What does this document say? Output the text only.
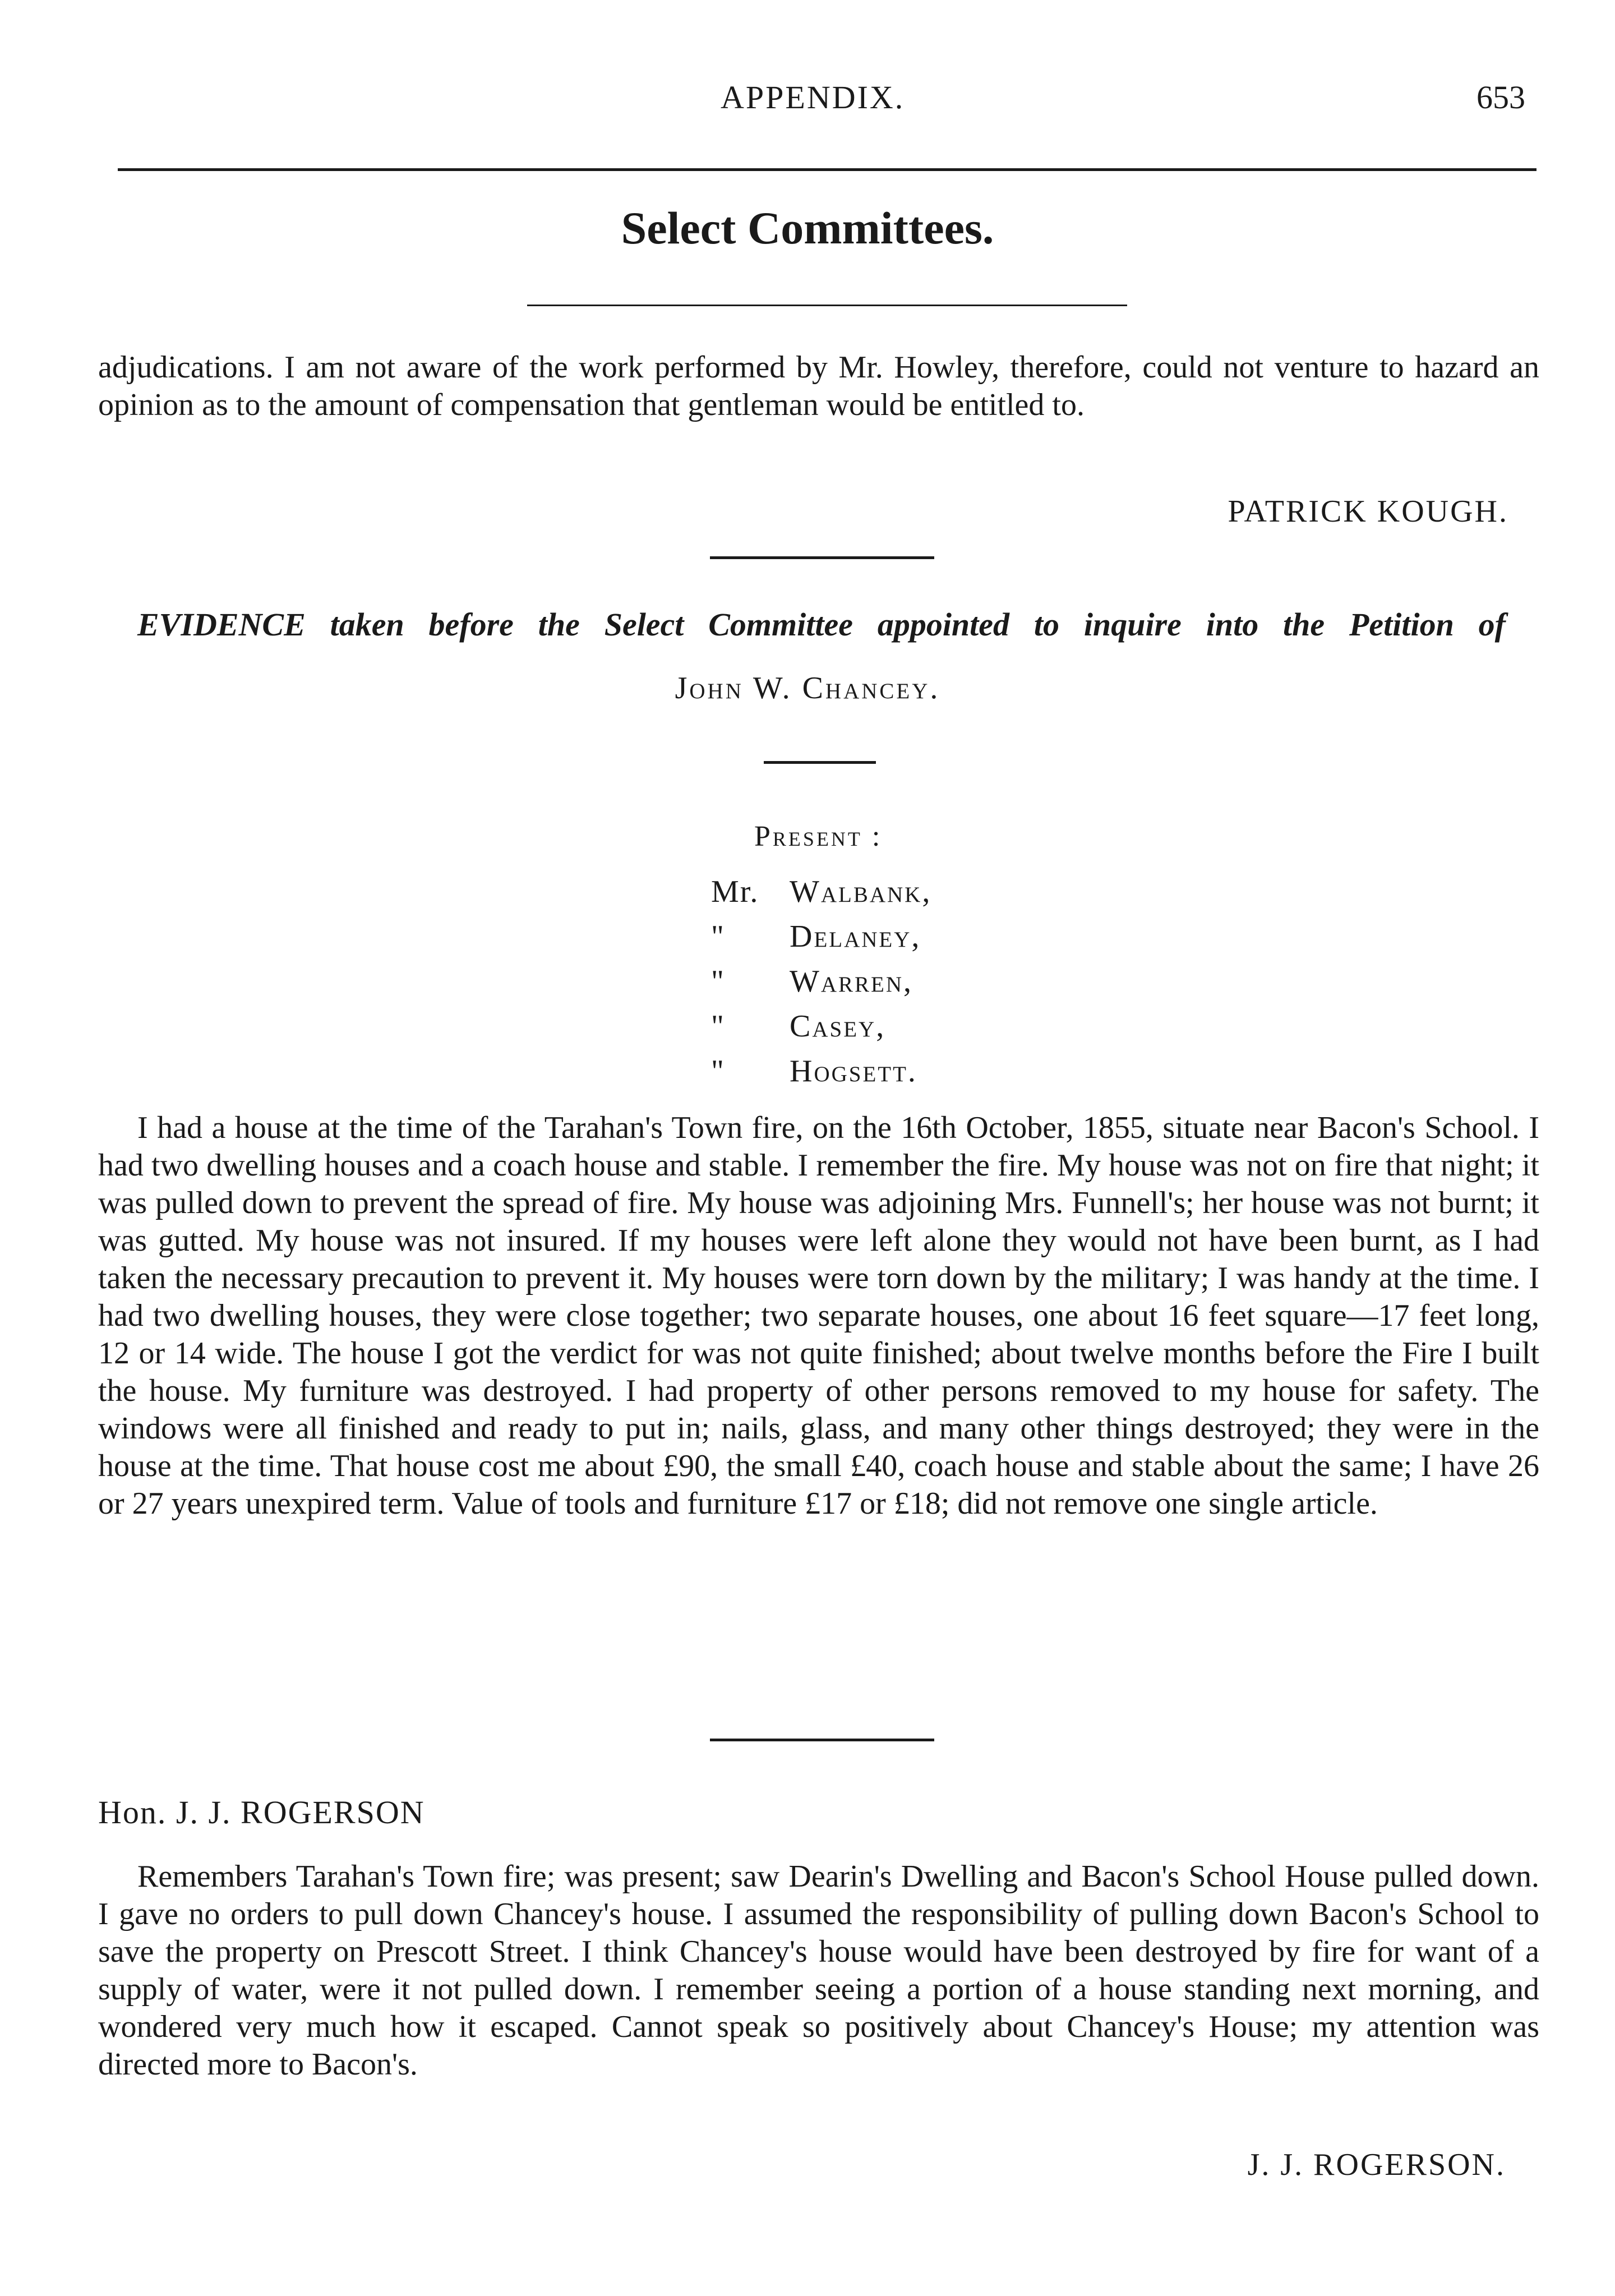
APPENDIX.	653
Select Committees.

adjudications. I am not aware of the work performed by Mr. Howley, therefore, could not venture to hazard an opinion as to the amount of compensation that gentleman would be entitled to.

PATRICK KOUGH.
EVIDENCE taken before the Select Committee appointed to inquire into the Petition of
John W. Chancey.
Present :
Mr. Walbank,
"	Delaney,
"	Warren,
"	Casey,
"	Hogsett.

I had a house at the time of the Tarahan's Town fire, on the 16th October, 1855, situate near Bacon's School. I had two dwelling houses and a coach house and stable. I remember the fire. My house was not on fire that night; it was pulled down to prevent the spread of fire. My house was adjoining Mrs. Funnell's; her house was not burnt; it was gutted. My house was not insured. If my houses were left alone they would not have been burnt, as I had taken the necessary precaution to prevent it. My houses were torn down by the military; I was handy at the time. I had two dwelling houses, they were close together; two separate houses, one about 16 feet square—17 feet long, 12 or 14 wide. The house I got the verdict for was not quite finished; about twelve months before the Fire I built the house. My furniture was destroyed. I had property of other persons removed to my house for safety. The windows were all finished and ready to put in; nails, glass, and many other things destroyed; they were in the house at the time. That house cost me about £90, the small £40, coach house and stable about the same; I have 26 or 27 years unexpired term. Value of tools and furniture £17 or £18; did not remove one single article.

Hon. J. J. ROGERSON

Remembers Tarahan's Town fire; was present; saw Dearin's Dwelling and Bacon's School House pulled down. I gave no orders to pull down Chancey's house. I assumed the responsibility of pulling down Bacon's School to save the property on Prescott Street. I think Chancey's house would have been destroyed by fire for want of a supply of water, were it not pulled down. I remember seeing a portion of a house standing next morning, and wondered very much how it escaped. Cannot speak so positively about Chancey's House; my attention was directed more to Bacon's.

J. J. ROGERSON.
